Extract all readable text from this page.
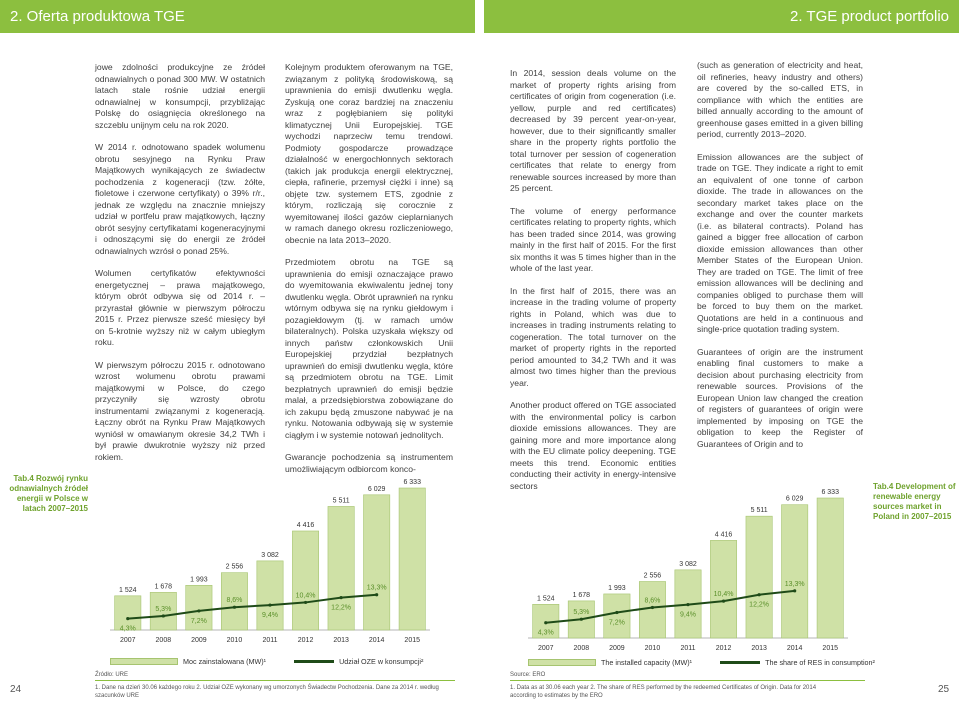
2. Oferta produktowa TGE	2. TGE product portfolio

jowe zdolności produkcyjne ze źródeł odnawialnych o ponad 300 MW. W ostatnich latach stale rośnie udział energii odnawialnej w konsumpcji, przybliżając Polskę do osiągnięcia określonego na szczeblu unijnym celu na rok 2020.

W 2014 r. odnotowano spadek wolumenu obrotu sesyjnego na Rynku Praw Majątkowych wynikających ze świadectw pochodzenia z kogeneracji (tzw. żółte, fioletowe i czerwone certyfikaty) o 39% r/r., jednak ze względu na znacznie mniejszy udział w portfelu praw majątkowych, łączny obrót sesyjny certyfikatami kogeneracyjnymi i odnoszącymi się do energii ze źródeł odnawialnych wzrósł o ponad 25%.

Wolumen certyfikatów efektywności energetycznej – prawa majątkowego, którym obrót odbywa się od 2014 r. – przyrastał głównie w pierwszym półroczu 2015 r. Przez pierwsze sześć miesięcy był on 5-krotnie wyższy niż w całym ubiegłym roku.

W pierwszym półroczu 2015 r. odnotowano wzrost wolumenu obrotu prawami majątkowymi w Polsce, do czego przyczyniły się wzrosty obrotu instrumentami związanymi z kogeneracją. Łączny obrót na Rynku Praw Majątkowych wyniósł w omawianym okresie 34,2 TWh i był prawie dwukrotnie wyższy niż przed rokiem.

Kolejnym produktem oferowanym na TGE, związanym z polityką środowiskową, są uprawnienia do emisji dwutlenku węgla. Zyskują one coraz bardziej na znaczeniu wraz z pogłębianiem się polityki klimatycznej Unii Europejskiej. TGE wychodzi naprzeciw temu trendowi. Podmioty gospodarcze prowadzące działalność w energochłonnych sektorach (takich jak produkcja energii elektrycznej, ciepła, rafinerie, przemysł ciężki i inne) są objęte tzw. systemem ETS, zgodnie z którym, rozliczają się corocznie z wyemitowanej ilości gazów cieplarnianych w ramach danego okresu rozliczeniowego, obecnie na lata 2013–2020.

Przedmiotem obrotu na TGE są uprawnienia do emisji oznaczające prawo do wyemitowania ekwiwalentu jednej tony dwutlenku węgla. Obrót uprawnień na rynku wtórnym odbywa się na rynku giełdowym i pozagiełdowym (tj. w ramach umów bilateralnych). Polska uzyskała większy od innych państw członkowskich Unii Europejskiej przydział bezpłatnych uprawnień do emisji dwutlenku węgla, które są przedmiotem obrotu na TGE. Limit bezpłatnych uprawnień do emisji będzie malał, a przedsiębiorstwa zobowiązane do ich zakupu będą zmuszone nabywać je na rynku. Notowania odbywają się w systemie ciągłym i w systemie notowań jednolitych.

Gwarancje pochodzenia są instrumentem umożliwiającym odbiorcom konco-

In 2014, session deals volume on the market of property rights arising from certificates of origin from cogeneration (i.e. yellow, purple and red certificates) decreased by 39 percent year-on-year, however, due to their significantly smaller share in the property rights portfolio the total turnover per session of cogeneration certificates that relate to energy from renewable sources increased by more than 25 percent.

The volume of energy performance certificates relating to property rights, which has been traded since 2014, was growing mainly in the first half of 2015. For the first six months it was 5 times higher than in the whole of the last year.

In the first half of 2015, there was an increase in the trading volume of property rights in Poland, which was due to increases in trading instruments relating to cogeneration. The total turnover on the market of property rights in the reported period amounted to 34,2 TWh and it was almost two times higher than the previous year.

Another product offered on TGE associated with the environmental policy is carbon dioxide emissions allowances. They are gaining more and more importance along with the EU climate policy deepening. TGE meets this trend. Economic entities conducting their activity in energy-intensive sectors

(such as generation of electricity and heat, oil refineries, heavy industry and others) are covered by the so-called ETS, in compliance with which the entities are billed annually according to the amount of greenhouse gases emitted in a given billing period, currently 2013–2020.

Emission allowances are the subject of trade on TGE. They indicate a right to emit an equivalent of one tonne of carbon dioxide. The trade in allowances on the secondary market takes place on the exchange and over the counter markets (i.e. as bilateral contracts). Poland has gained a bigger free allocation of carbon dioxide emission allowances than other Member States of the European Union. They are traded on TGE. The limit of free emission allowances will be declining and companies obliged to purchase them will be forced to buy them on the market. Quotations are held in a continuous and single-price quotation trading system.

Guarantees of origin are the instrument enabling final customers to make a decision about purchasing electricity from renewable sources. Provisions of the European Union law changed the creation of registers of guarantees of origin were implemented by imposing on TGE the obligation to keep the Register of Guarantees of Origin and to

Tab.4 Rozwój rynku odnawialnych źródeł energii w Polsce w latach 2007–2015
Tab.4 Development of renewable energy sources market in Poland in 2007–2015
1 524
2007
1 678
2008
1 993
2009
2 556
2010
3 082
2011
4 416
2012
5 511
2013
6 029
2014
6 333
2015
4,3%
5,3%
7,2%
8,6%
9,4%
10,4%
12,2%
13,3%
1 524
2007
1 678
2008
1 993
2009
2 556
2010
3 082
2011
4 416
2012
5 511
2013
6 029
2014
6 333
2015
4,3%
5,3%
7,2%
8,6%
9,4%
10,4%
12,2%
13,3%
Moc zainstalowana (MW)¹	Udział OZE w konsumpcji²	The installed capacity (MW)¹	The share of RES in consumption²
Źródło: URE	Source: ERO
1. Dane na dzień 30.06 każdego roku 2. Udział OZE wykonany wg umorzonych Świadectw Pochodzenia. Dane za 2014 r. według szacunków URE
1. Data as at 30.06 each year 2. The share of RES performed by the redeemed Certificates of Origin. Data for 2014 according to estimates by the ERO
24	25
